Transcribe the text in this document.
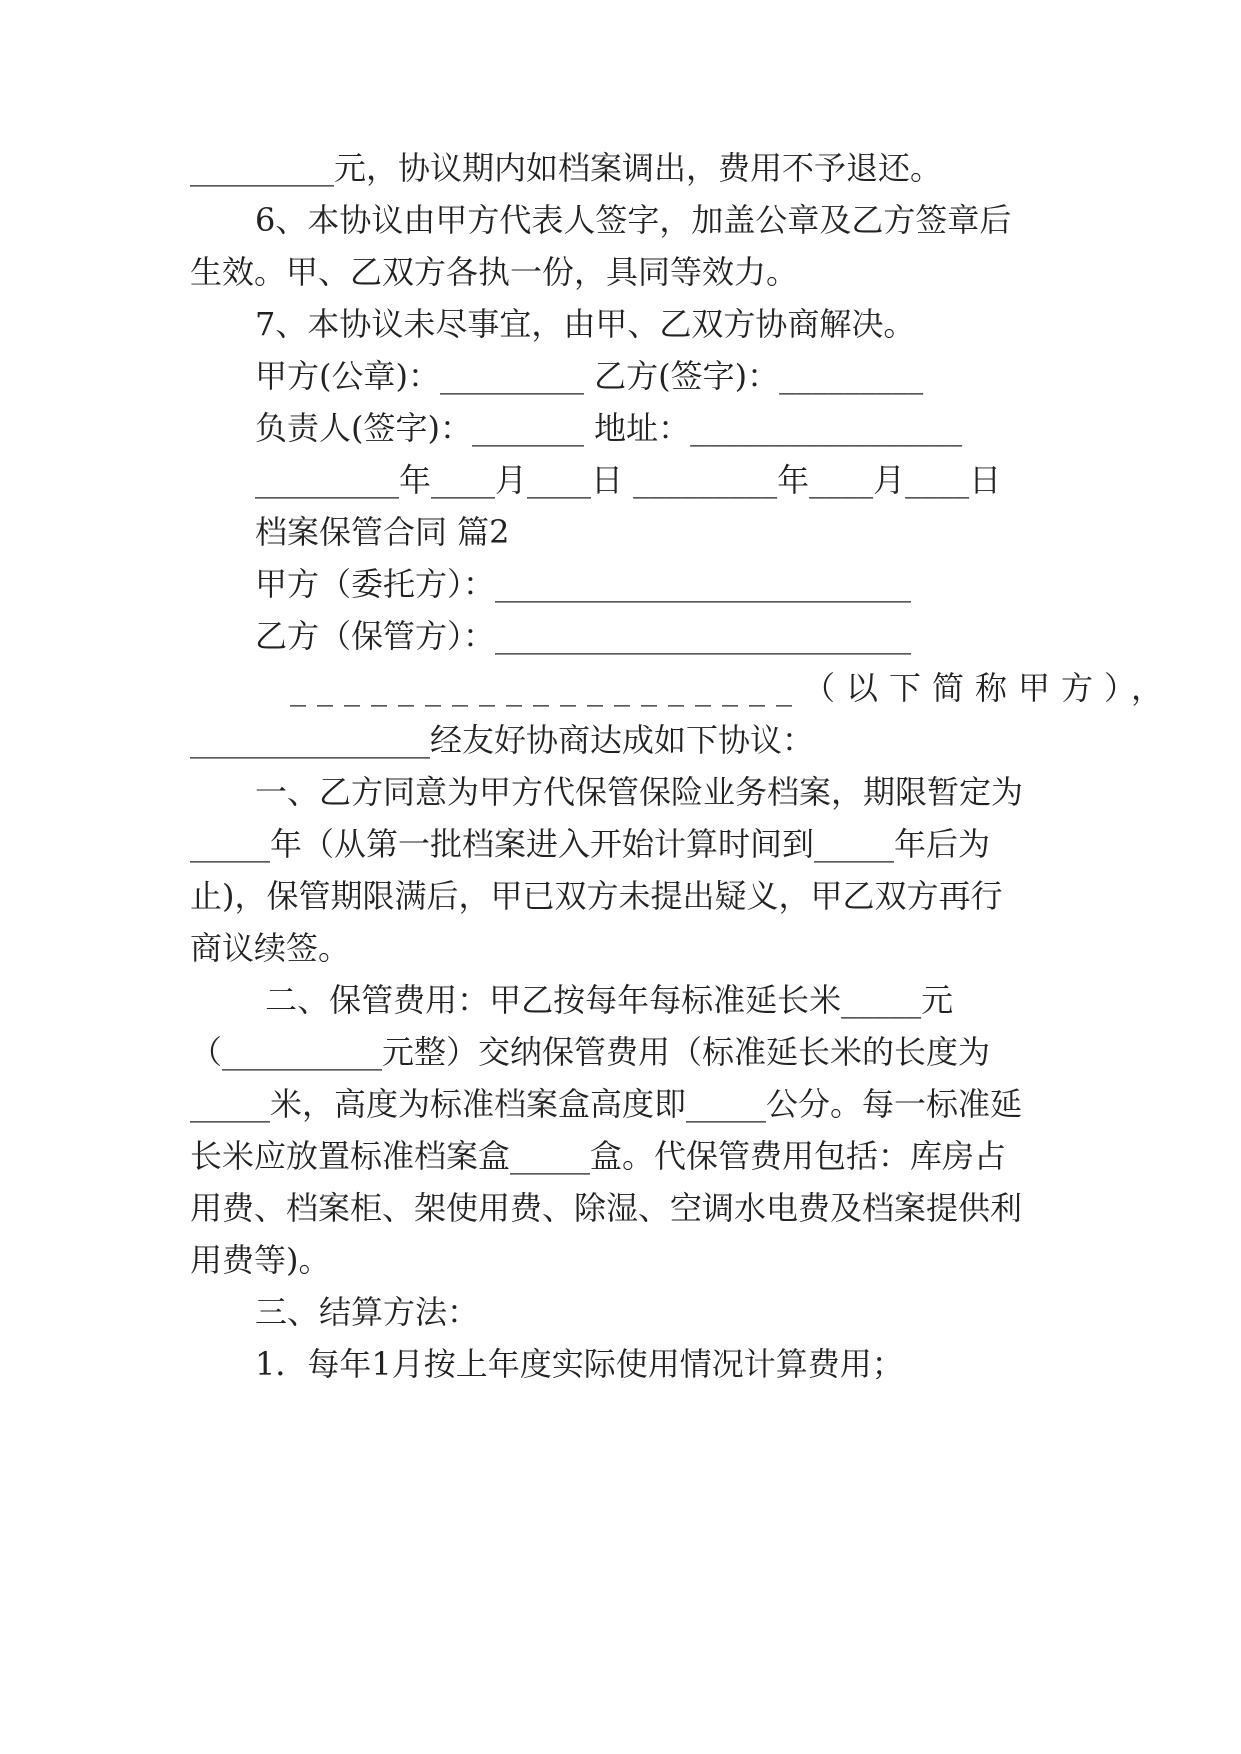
_________元，协议期内如档案调出，费用不予退还。

6、本协议由甲方代表人签字，加盖公章及乙方签章后

生效。甲、乙双方各执一份，具同等效力。

7、本协议未尽事宜，由甲、乙双方协商解决。

甲方(公章)：_________ 乙方(签字)：_________

负责人(签字)：_______ 地址：_________________

_________年____月____日 _________年____月____日

档案保管合同 篇2

甲方（委托方）：__________________________

乙方（保管方）：__________________________

___________________（以下简称甲方），

_______________经友好协商达成如下协议：

一、乙方同意为甲方代保管保险业务档案，期限暂定为

_____年（从第一批档案进入开始计算时间到_____年后为

止)，保管期限满后，甲已双方未提出疑义，甲乙双方再行

商议续签。

二、保管费用：甲乙按每年每标准延长米_____元

（__________元整）交纳保管费用（标准延长米的长度为

_____米，高度为标准档案盒高度即_____公分。每一标准延

长米应放置标准档案盒_____盒。代保管费用包括：库房占

用费、档案柜、架使用费、除湿、空调水电费及档案提供利

用费等)。

三、结算方法：

1．每年1月按上年度实际使用情况计算费用；
